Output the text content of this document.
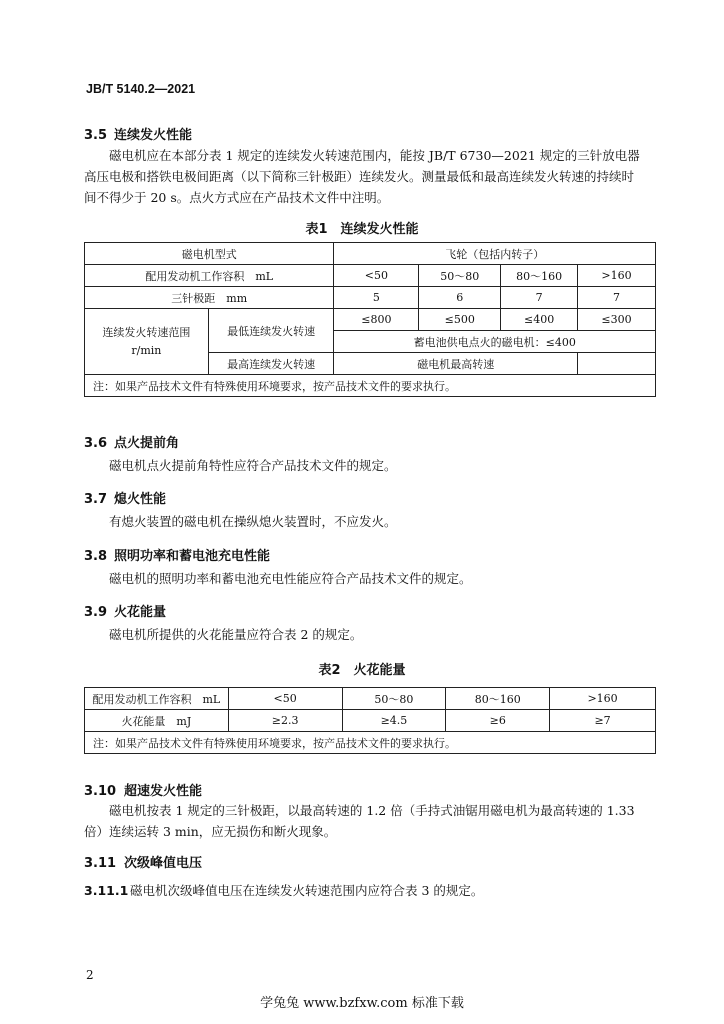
JB/T 5140.2—2021
3.5 连续发火性能
磁电机应在本部分表 1 规定的连续发火转速范围内，能按 JB/T 6730—2021 规定的三针放电器高压电极和搭铁电极间距离（以下简称三针极距）连续发火。测量最低和最高连续发火转速的持续时间不得少于 20 s。点火方式应在产品技术文件中注明。
表1　连续发火性能
磁电机型式		飞轮（包括内转子）			
配用发动机工作容积　mL		<50	50～80	80～160	>160
三针极距　mm		5	6	7	7

连续发火转速范围
r/min	最低连续发火转速	≤800	≤500	≤400	≤300
		蓄电池供电点火的磁电机：≤400			
	最高连续发火转速	磁电机最高转速			
注：如果产品技术文件有特殊使用环境要求，按产品技术文件的要求执行。					
3.6 点火提前角
磁电机点火提前角特性应符合产品技术文件的规定。
3.7 熄火性能
有熄火装置的磁电机在操纵熄火装置时，不应发火。
3.8 照明功率和蓄电池充电性能
磁电机的照明功率和蓄电池充电性能应符合产品技术文件的规定。
3.9 火花能量
磁电机所提供的火花能量应符合表 2 的规定。
表2　火花能量
配用发动机工作容积　mL	<50	50～80	80～160	>160
火花能量　mJ	≥2.3	≥4.5	≥6	≥7
注：如果产品技术文件有特殊使用环境要求，按产品技术文件的要求执行。				
3.10 超速发火性能
磁电机按表 1 规定的三针极距，以最高转速的 1.2 倍（手持式油锯用磁电机为最高转速的 1.33 倍）连续运转 3 min，应无损伤和断火现象。
3.11 次级峰值电压
3.11.1 磁电机次级峰值电压在连续发火转速范围内应符合表 3 的规定。
2
学兔兔 www.bzfxw.com 标准下载
